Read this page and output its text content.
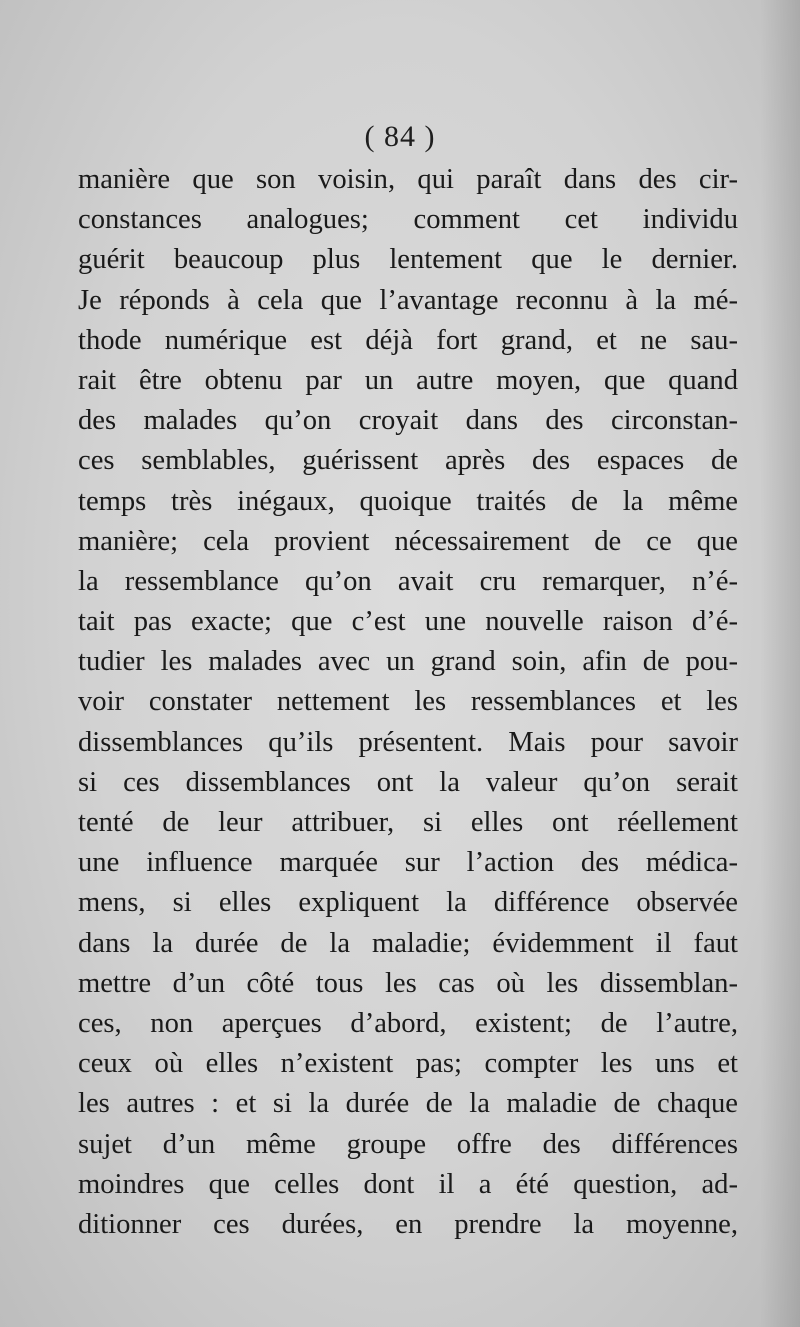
( 84 )
manière que son voisin, qui paraît dans des cir-
constances analogues; comment cet individu
guérit beaucoup plus lentement que le dernier.
Je réponds à cela que l’avantage reconnu à la mé-
thode numérique est déjà fort grand, et ne sau-
rait être obtenu par un autre moyen, que quand
des malades qu’on croyait dans des circonstan-
ces semblables, guérissent après des espaces de
temps très inégaux, quoique traités de la même
manière; cela provient nécessairement de ce que
la ressemblance qu’on avait cru remarquer, n’é-
tait pas exacte; que c’est une nouvelle raison d’é-
tudier les malades avec un grand soin, afin de pou-
voir constater nettement les ressemblances et les
dissemblances qu’ils présentent. Mais pour savoir
si ces dissemblances ont la valeur qu’on serait
tenté de leur attribuer, si elles ont réellement
une influence marquée sur l’action des médica-
mens, si elles expliquent la différence observée
dans la durée de la maladie; évidemment il faut
mettre d’un côté tous les cas où les dissemblan-
ces, non aperçues d’abord, existent; de l’autre,
ceux où elles n’existent pas; compter les uns et
les autres : et si la durée de la maladie de chaque
sujet d’un même groupe offre des différences
moindres que celles dont il a été question, ad-
ditionner ces durées, en prendre la moyenne,
